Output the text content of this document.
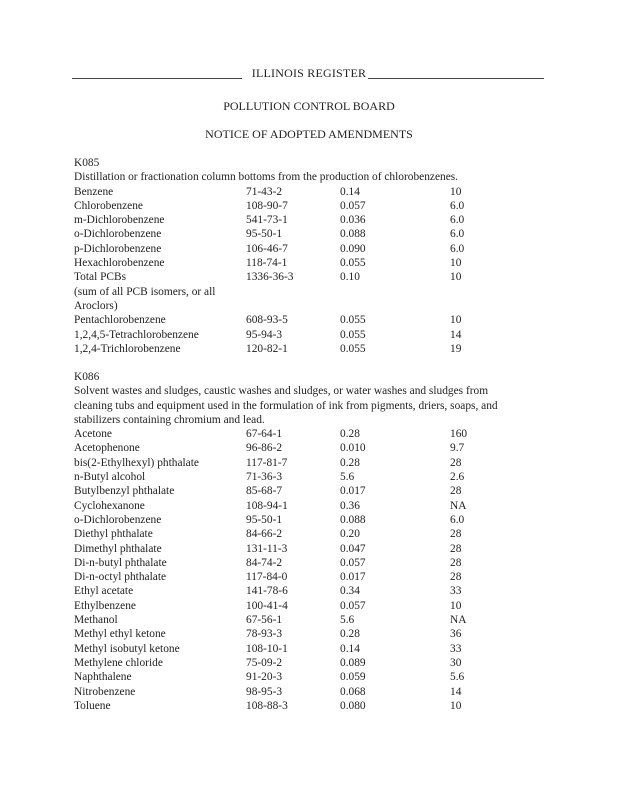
ILLINOIS REGISTER
POLLUTION CONTROL BOARD
NOTICE OF ADOPTED AMENDMENTS
K085
Distillation or fractionation column bottoms from the production of chlorobenzenes.
Benzene	71-43-2	0.14	10
Chlorobenzene	108-90-7	0.057	6.0
m-Dichlorobenzene	541-73-1	0.036	6.0
o-Dichlorobenzene	95-50-1	0.088	6.0
p-Dichlorobenzene	106-46-7	0.090	6.0
Hexachlorobenzene	118-74-1	0.055	10
Total PCBs	1336-36-3	0.10	10
(sum of all PCB isomers, or all
Aroclors)
Pentachlorobenzene	608-93-5	0.055	10
1,2,4,5-Tetrachlorobenzene	95-94-3	0.055	14
1,2,4-Trichlorobenzene	120-82-1	0.055	19
K086
Solvent wastes and sludges, caustic washes and sludges, or water washes and sludges from
cleaning tubs and equipment used in the formulation of ink from pigments, driers, soaps, and
stabilizers containing chromium and lead.
Acetone	67-64-1	0.28	160
Acetophenone	96-86-2	0.010	9.7
bis(2-Ethylhexyl) phthalate	117-81-7	0.28	28
n-Butyl alcohol	71-36-3	5.6	2.6
Butylbenzyl phthalate	85-68-7	0.017	28
Cyclohexanone	108-94-1	0.36	NA
o-Dichlorobenzene	95-50-1	0.088	6.0
Diethyl phthalate	84-66-2	0.20	28
Dimethyl phthalate	131-11-3	0.047	28
Di-n-butyl phthalate	84-74-2	0.057	28
Di-n-octyl phthalate	117-84-0	0.017	28
Ethyl acetate	141-78-6	0.34	33
Ethylbenzene	100-41-4	0.057	10
Methanol	67-56-1	5.6	NA
Methyl ethyl ketone	78-93-3	0.28	36
Methyl isobutyl ketone	108-10-1	0.14	33
Methylene chloride	75-09-2	0.089	30
Naphthalene	91-20-3	0.059	5.6
Nitrobenzene	98-95-3	0.068	14
Toluene	108-88-3	0.080	10
